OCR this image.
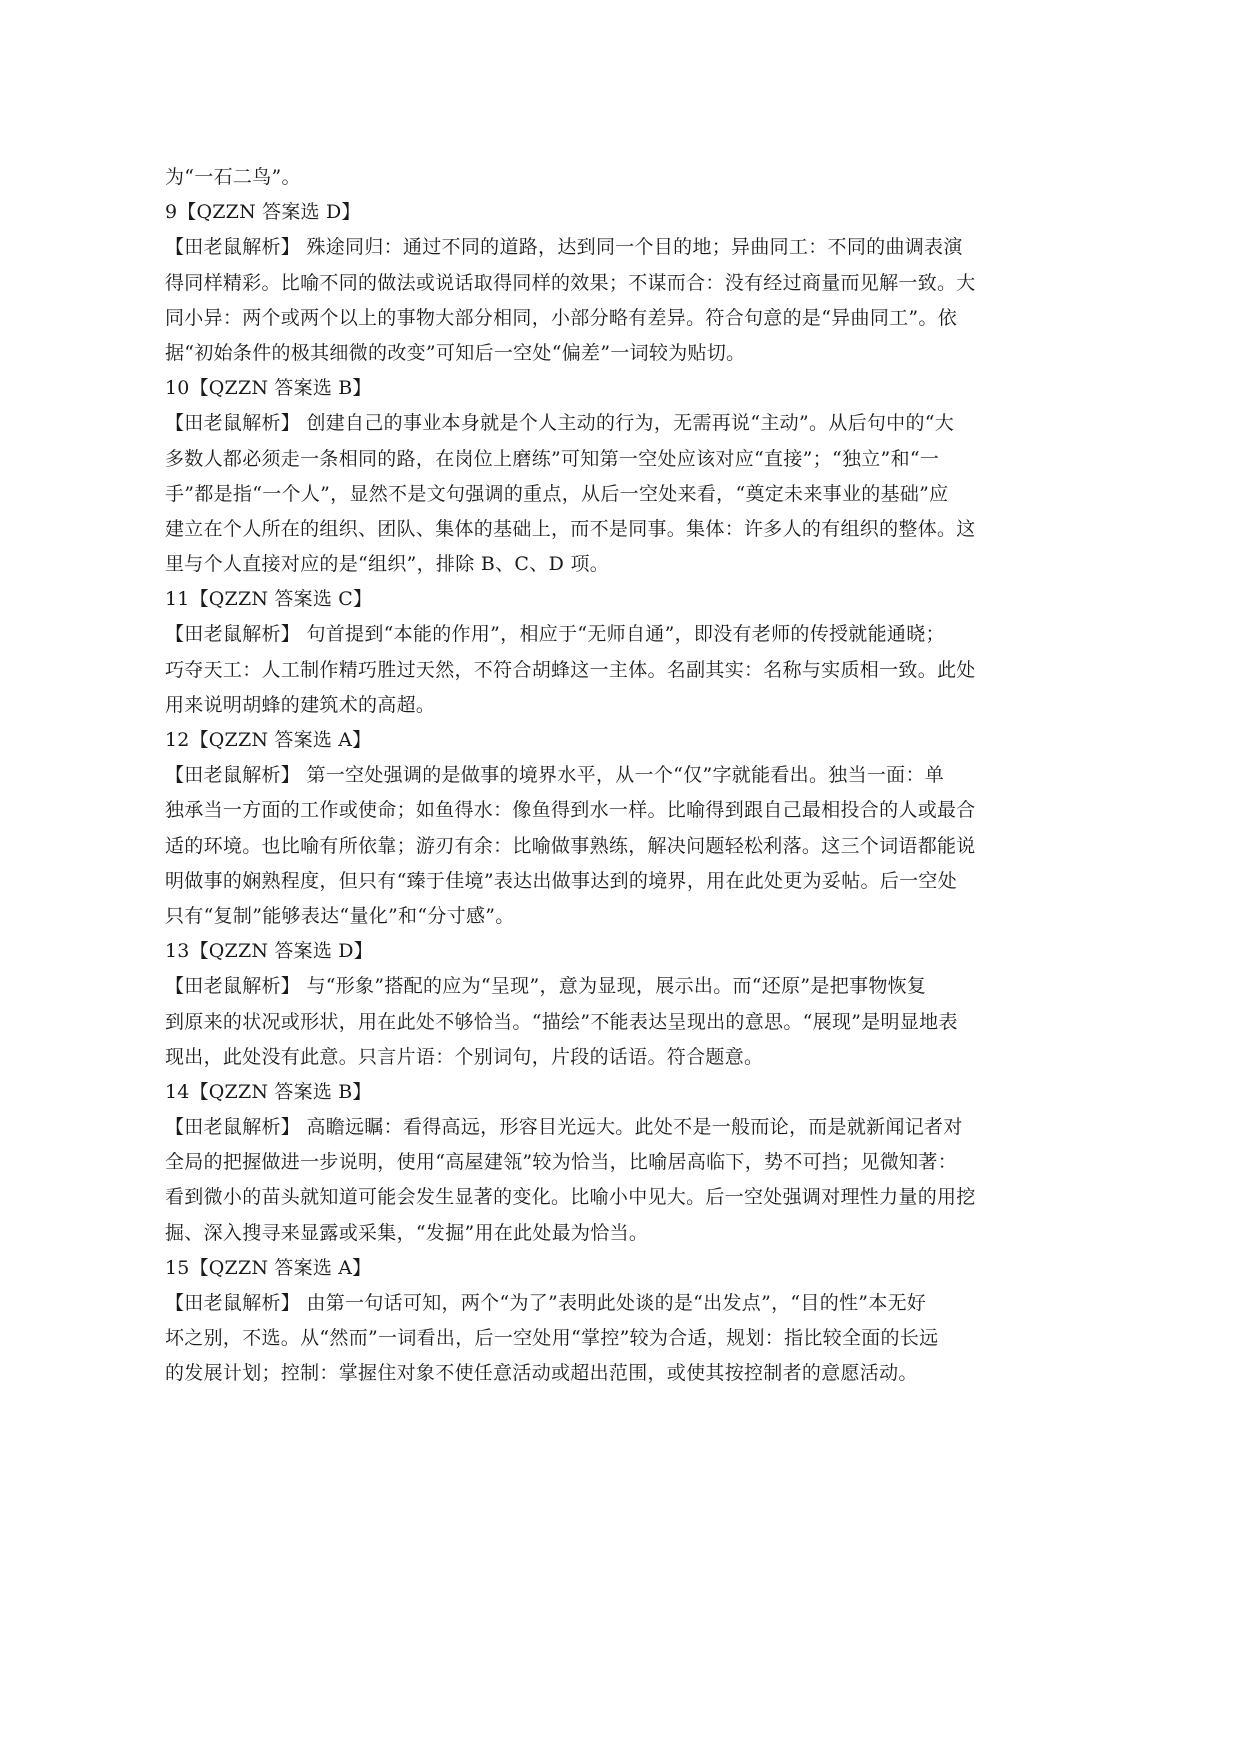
为“一石二鸟”。
9【QZZN 答案选 D】
【田老鼠解析】 殊途同归：通过不同的道路，达到同一个目的地；异曲同工：不同的曲调表演
得同样精彩。比喻不同的做法或说话取得同样的效果；不谋而合：没有经过商量而见解一致。大
同小异：两个或两个以上的事物大部分相同，小部分略有差异。符合句意的是“异曲同工”。依
据“初始条件的极其细微的改变”可知后一空处“偏差”一词较为贴切。
10【QZZN 答案选 B】
【田老鼠解析】 创建自己的事业本身就是个人主动的行为，无需再说“主动”。从后句中的“大
多数人都必须走一条相同的路，在岗位上磨练”可知第一空处应该对应“直接”；“独立”和“一
手”都是指“一个人”，显然不是文句强调的重点，从后一空处来看，“奠定未来事业的基础”应
建立在个人所在的组织、团队、集体的基础上，而不是同事。集体：许多人的有组织的整体。这
里与个人直接对应的是“组织”，排除 B、C、D 项。
11【QZZN 答案选 C】
【田老鼠解析】 句首提到“本能的作用”，相应于“无师自通”，即没有老师的传授就能通晓；
巧夺天工：人工制作精巧胜过天然，不符合胡蜂这一主体。名副其实：名称与实质相一致。此处
用来说明胡蜂的建筑术的高超。
12【QZZN 答案选 A】
【田老鼠解析】 第一空处强调的是做事的境界水平，从一个“仅”字就能看出。独当一面：单
独承当一方面的工作或使命；如鱼得水：像鱼得到水一样。比喻得到跟自己最相投合的人或最合
适的环境。也比喻有所依靠；游刃有余：比喻做事熟练，解决问题轻松利落。这三个词语都能说
明做事的娴熟程度，但只有“臻于佳境”表达出做事达到的境界，用在此处更为妥帖。后一空处
只有“复制”能够表达“量化”和“分寸感”。
13【QZZN 答案选 D】
【田老鼠解析】 与“形象”搭配的应为“呈现”，意为显现，展示出。而“还原”是把事物恢复
到原来的状况或形状，用在此处不够恰当。“描绘”不能表达呈现出的意思。“展现”是明显地表
现出，此处没有此意。只言片语：个别词句，片段的话语。符合题意。
14【QZZN 答案选 B】
【田老鼠解析】 高瞻远瞩：看得高远，形容目光远大。此处不是一般而论，而是就新闻记者对
全局的把握做进一步说明，使用“高屋建瓴”较为恰当，比喻居高临下，势不可挡；见微知著：
看到微小的苗头就知道可能会发生显著的变化。比喻小中见大。后一空处强调对理性力量的用挖
掘、深入搜寻来显露或采集，“发掘”用在此处最为恰当。
15【QZZN 答案选 A】
【田老鼠解析】 由第一句话可知，两个“为了”表明此处谈的是“出发点”，“目的性”本无好
坏之别，不选。从“然而”一词看出，后一空处用“掌控”较为合适，规划：指比较全面的长远
的发展计划；控制：掌握住对象不使任意活动或超出范围，或使其按控制者的意愿活动。
